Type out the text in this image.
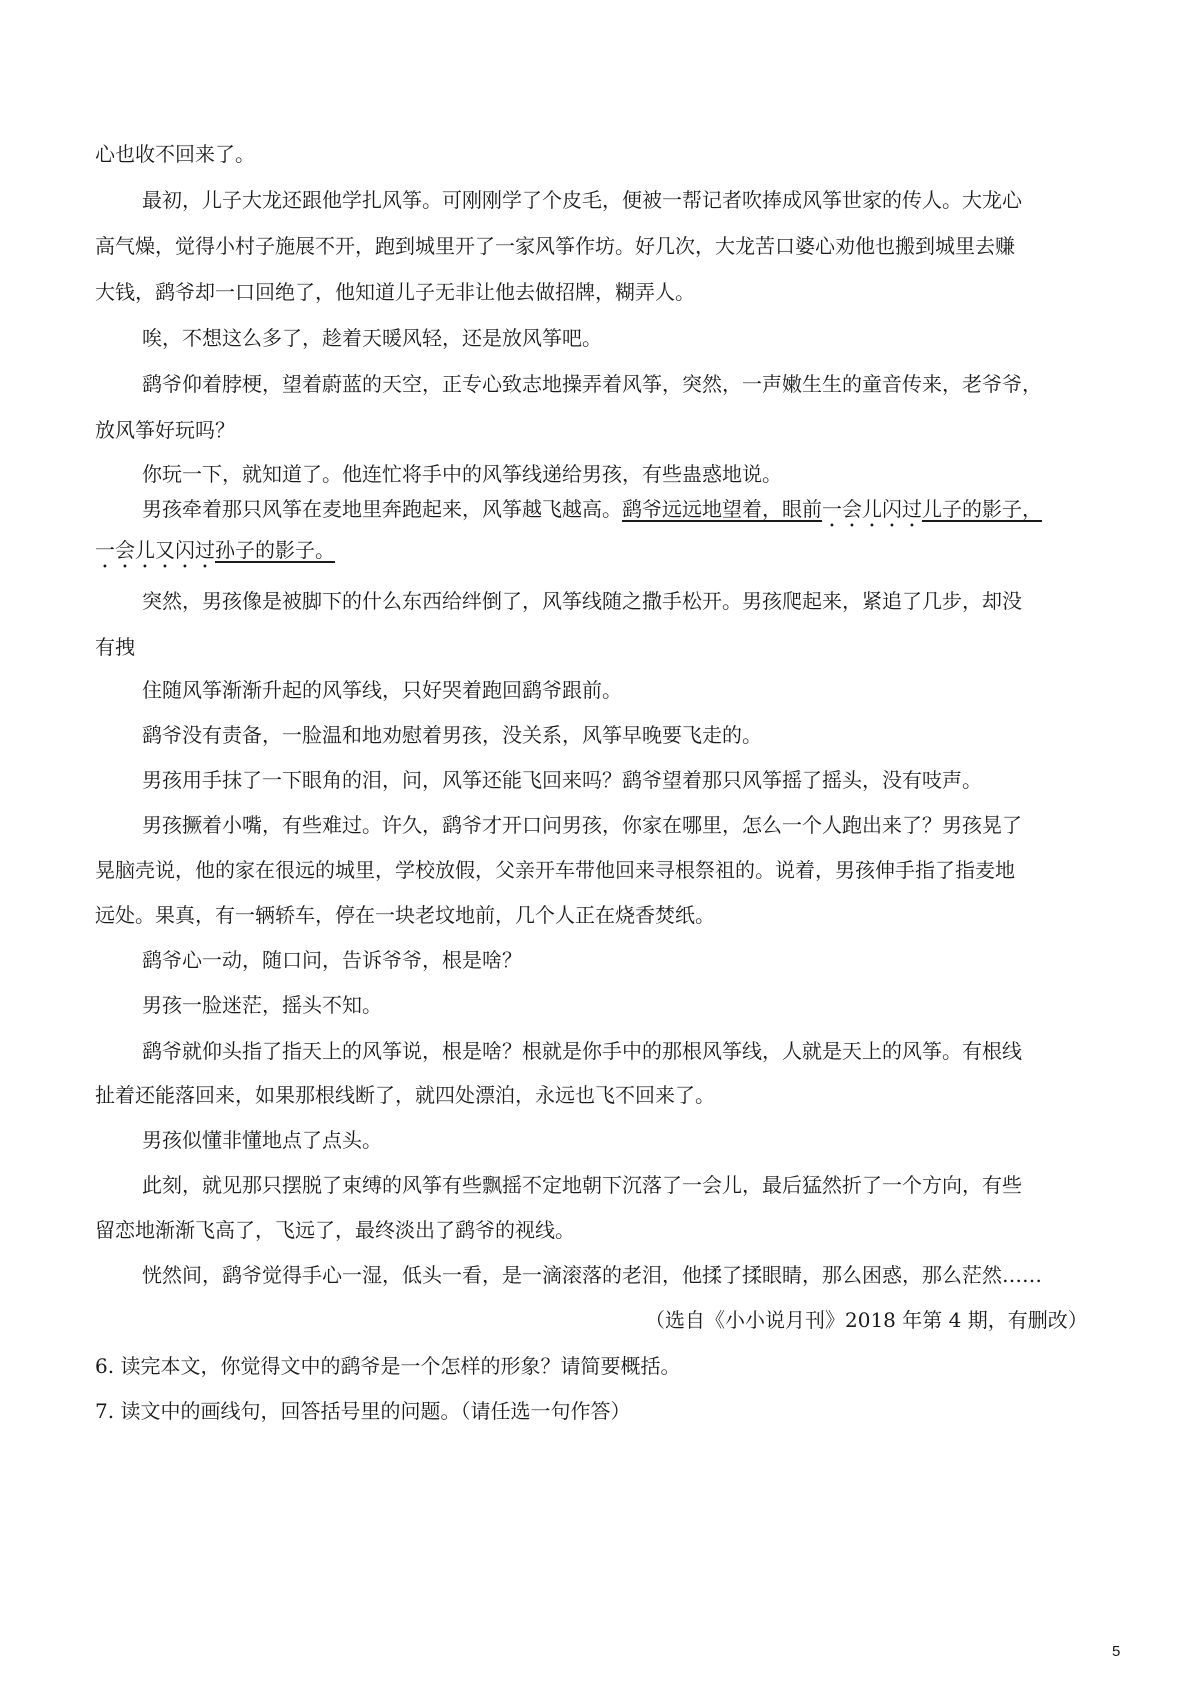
心也收不回来了。
最初，儿子大龙还跟他学扎风筝。可刚刚学了个皮毛，便被一帮记者吹捧成风筝世家的传人。大龙心
高气燥，觉得小村子施展不开，跑到城里开了一家风筝作坊。好几次，大龙苦口婆心劝他也搬到城里去赚
大钱，鹞爷却一口回绝了，他知道儿子无非让他去做招牌，糊弄人。
唉，不想这么多了，趁着天暖风轻，还是放风筝吧。
鹞爷仰着脖梗，望着蔚蓝的天空，正专心致志地操弄着风筝，突然，一声嫩生生的童音传来，老爷爷，
放风筝好玩吗？
你玩一下，就知道了。他连忙将手中的风筝线递给男孩，有些蛊惑地说。
男孩牵着那只风筝在麦地里奔跑起来，风筝越飞越高。鹞爷远远地望着，眼前一会儿闪过儿子的影子，
一会儿又闪过孙子的影子。
突然，男孩像是被脚下的什么东西给绊倒了，风筝线随之撒手松开。男孩爬起来，紧追了几步，却没
有拽
住随风筝渐渐升起的风筝线，只好哭着跑回鹞爷跟前。
鹞爷没有责备，一脸温和地劝慰着男孩，没关系，风筝早晚要飞走的。
男孩用手抹了一下眼角的泪，问，风筝还能飞回来吗？鹞爷望着那只风筝摇了摇头，没有吱声。
男孩撅着小嘴，有些难过。许久，鹞爷才开口问男孩，你家在哪里，怎么一个人跑出来了？男孩晃了
晃脑壳说，他的家在很远的城里，学校放假，父亲开车带他回来寻根祭祖的。说着，男孩伸手指了指麦地
远处。果真，有一辆轿车，停在一块老坟地前，几个人正在烧香焚纸。
鹞爷心一动，随口问，告诉爷爷，根是啥？
男孩一脸迷茫，摇头不知。
鹞爷就仰头指了指天上的风筝说，根是啥？根就是你手中的那根风筝线，人就是天上的风筝。有根线
扯着还能落回来，如果那根线断了，就四处漂泊，永远也飞不回来了。
男孩似懂非懂地点了点头。
此刻，就见那只摆脱了束缚的风筝有些飘摇不定地朝下沉落了一会儿，最后猛然折了一个方向，有些
留恋地渐渐飞高了，飞远了，最终淡出了鹞爷的视线。
恍然间，鹞爷觉得手心一湿，低头一看，是一滴滚落的老泪，他揉了揉眼睛，那么困惑，那么茫然……
（选自《小小说月刊》2018 年第 4 期，有删改）
6. 读完本文，你觉得文中的鹞爷是一个怎样的形象？请简要概括。
7. 读文中的画线句，回答括号里的问题。（请任选一句作答）
5
